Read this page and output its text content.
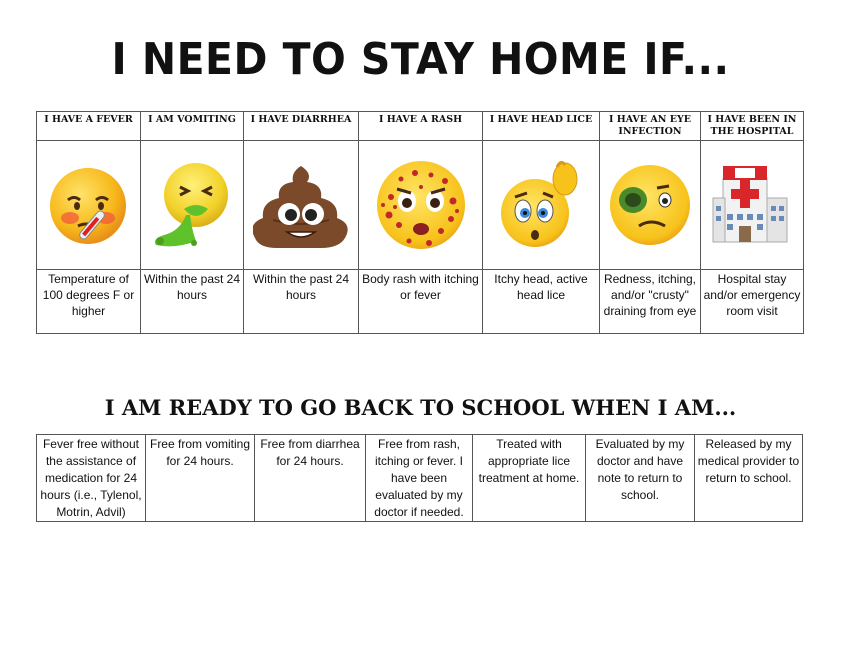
I NEED TO STAY HOME IF...
I HAVE A FEVER	I AM VOMITING	I HAVE DIARRHEA	I HAVE A RASH	I HAVE HEAD LICE	I HAVE AN EYE INFECTION	I HAVE BEEN IN THE HOSPITAL

Temperature of 100 degrees F or higher	Within the past 24 hours	Within the past 24 hours	Body rash with itching or fever	Itchy head, active head lice	Redness, itching, and/or "crusty" draining from eye	Hospital stay and/or emergency room visit
I AM READY TO GO BACK TO SCHOOL WHEN I AM...
Fever free without the assistance of medication for 24 hours (i.e., Tylenol, Motrin, Advil)	Free from vomiting for 24 hours.	Free from diarrhea for 24 hours.	Free from rash, itching or fever. I have been evaluated by my doctor if needed.	Treated with appropriate lice treatment at home.	Evaluated by my doctor and have note to return to school.	Released by my medical provider to return to school.
